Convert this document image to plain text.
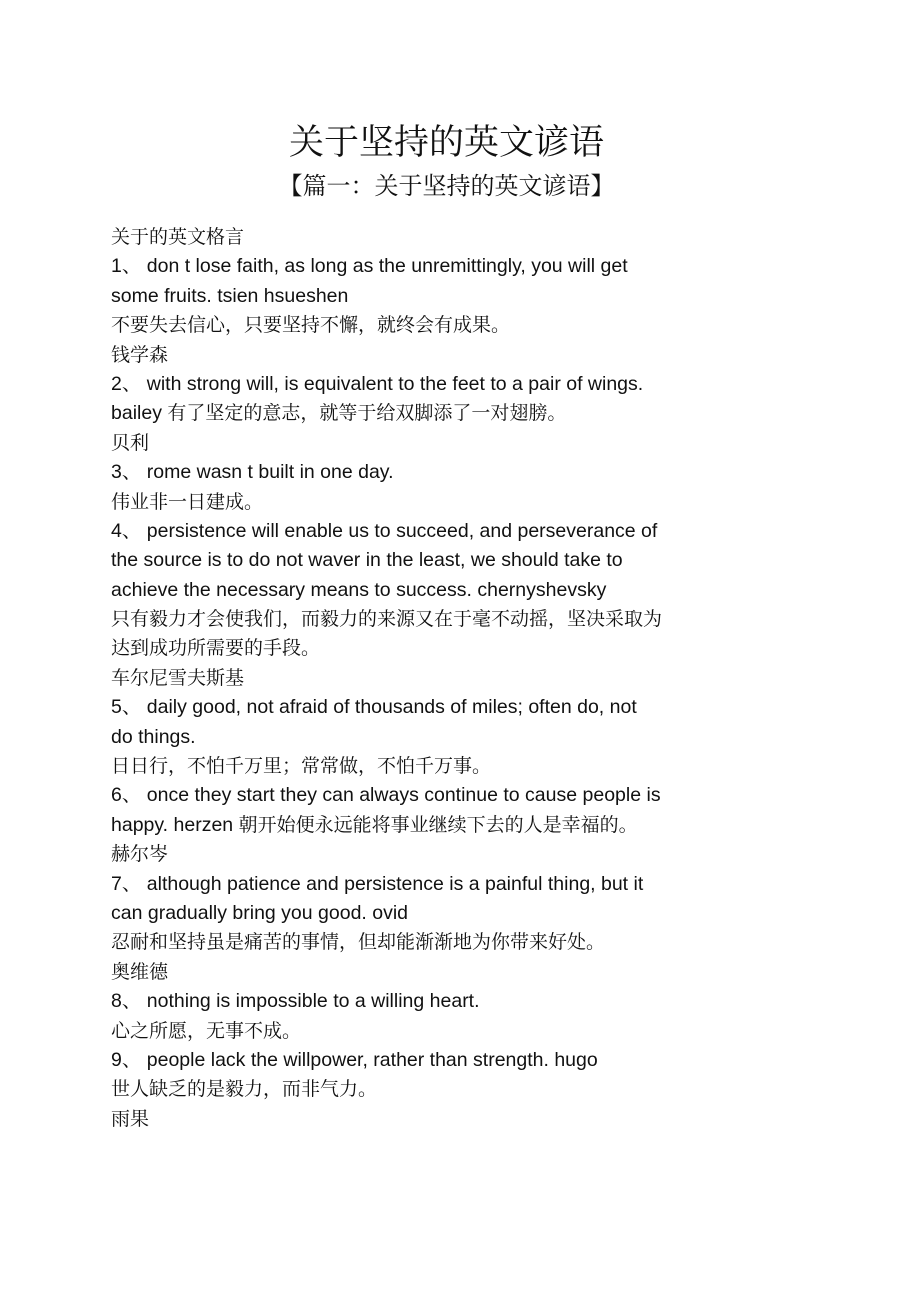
关于坚持的英文谚语
【篇一：关于坚持的英文谚语】
关于的英文格言
1、 don t lose faith, as long as the unremittingly, you will get
some fruits. tsien hsueshen
不要失去信心，只要坚持不懈，就终会有成果。
钱学森
2、 with strong will, is equivalent to the feet to a pair of wings.
bailey 有了坚定的意志，就等于给双脚添了一对翅膀。
贝利
3、 rome wasn t built in one day.
伟业非一日建成。
4、 persistence will enable us to succeed, and perseverance of
the source is to do not waver in the least, we should take to
achieve the necessary means to success. chernyshevsky
只有毅力才会使我们，而毅力的来源又在于毫不动摇，坚决采取为
达到成功所需要的手段。
车尔尼雪夫斯基
5、 daily good, not afraid of thousands of miles; often do, not
do things.
日日行，不怕千万里；常常做，不怕千万事。
6、 once they start they can always continue to cause people is
happy. herzen 朝开始便永远能将事业继续下去的人是幸福的。
赫尔岑
7、 although patience and persistence is a painful thing, but it
can gradually bring you good. ovid
忍耐和坚持虽是痛苦的事情，但却能渐渐地为你带来好处。
奥维德
8、 nothing is impossible to a willing heart.
心之所愿，无事不成。
9、 people lack the willpower, rather than strength. hugo
世人缺乏的是毅力，而非气力。
雨果
